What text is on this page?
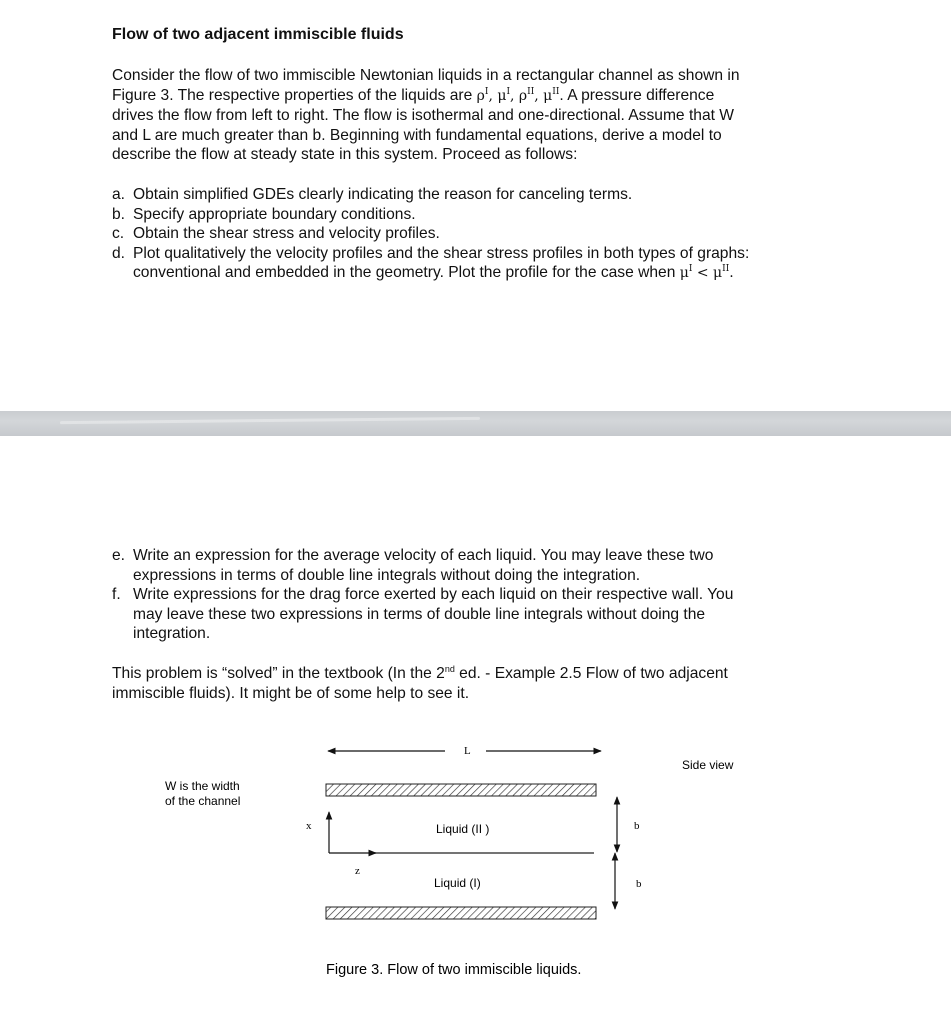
Flow of two adjacent immiscible fluids
Consider the flow of two immiscible Newtonian liquids in a rectangular channel as shown in
Figure 3. The respective properties of the liquids are $\rho^I$, $\mu^I$, $\rho^{II}$, $\mu^{II}$. A pressure difference
drives the flow from left to right. The flow is isothermal and one-directional. Assume that W
and L are much greater than b. Beginning with fundamental equations, derive a model to
describe the flow at steady state in this system. Proceed as follows:
a. Obtain simplified GDEs clearly indicating the reason for canceling terms.
b. Specify appropriate boundary conditions.
c. Obtain the shear stress and velocity profiles.
d. Plot qualitatively the velocity profiles and the shear stress profiles in both types of graphs:
conventional and embedded in the geometry. Plot the profile for the case when $\mu^I < \mu^{II}$.
e. Write an expression for the average velocity of each liquid. You may leave these two
expressions in terms of double line integrals without doing the integration.
f. Write expressions for the drag force exerted by each liquid on their respective wall. You
may leave these two expressions in terms of double line integrals without doing the
integration.
This problem is “solved” in the textbook (In the 2nd ed. - Example 2.5 Flow of two adjacent
immiscible fluids). It might be of some help to see it.
L
Side view
W is the width
of the channel
x
z
Liquid (II )
Liquid (I)
b
b
Figure 3. Flow of two immiscible liquids.
